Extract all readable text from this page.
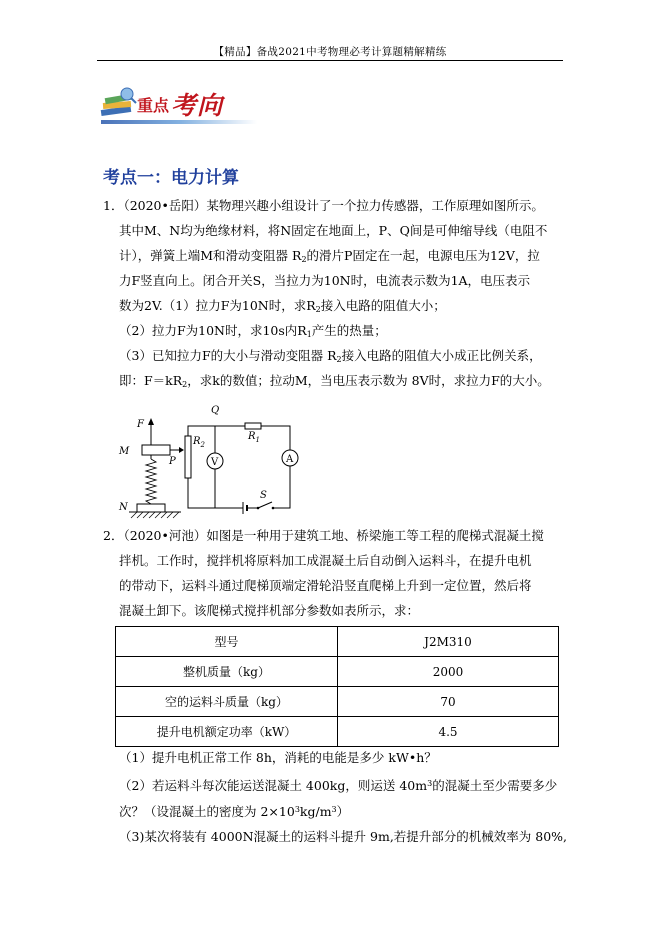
【精品】备战2021中考物理必考计算题精解精练
重点考向
考点一：电力计算
1．（2020•岳阳）某物理兴趣小组设计了一个拉力传感器，工作原理如图所示。
其中M、N均为绝缘材料，将N固定在地面上，P、Q间是可伸缩导线（电阻不
计），弹簧上端M和滑动变阻器 $R_2$的滑片P固定在一起，电源电压为12V，拉
力F竖直向上。闭合开关S，当拉力为10N时，电流表示数为1A，电压表示
数为2V.（1）拉力F为10N时，求$R_2$接入电路的阻值大小；
（2）拉力F为10N时，求10s内$R_1$产生的热量；
（3）已知拉力F的大小与滑动变阻器 $R_2$接入电路的阻值大小成正比例关系，
即：$F=kR_2$，求k的数值；拉动M，当电压表示数为 8V时，求拉力F的大小。
F
M
N
P
Q
$R_2$
$R_1$
V	A
S
2．（2020•河池）如图是一种用于建筑工地、桥梁施工等工程的爬梯式混凝土搅
拌机。工作时，搅拌机将原料加工成混凝土后自动倒入运料斗，在提升电机
的带动下，运料斗通过爬梯顶端定滑轮沿竖直爬梯上升到一定位置，然后将
混凝土卸下。该爬梯式搅拌机部分参数如表所示，求：
型号	J2M310
整机质量（kg）	2000
空的运料斗质量（kg）	70
提升电机额定功率（kW）	4.5
（1）提升电机正常工作 8h，消耗的电能是多少 kW•h？
（2）若运料斗每次能运送混凝土 400kg，则运送 $40m^3$的混凝土至少需要多少
次？（设混凝土的密度为 $2\times 10^3kg/m^3$）
（3)某次将装有 4000N混凝土的运料斗提升 9m,若提升部分的机械效率为 80%,
